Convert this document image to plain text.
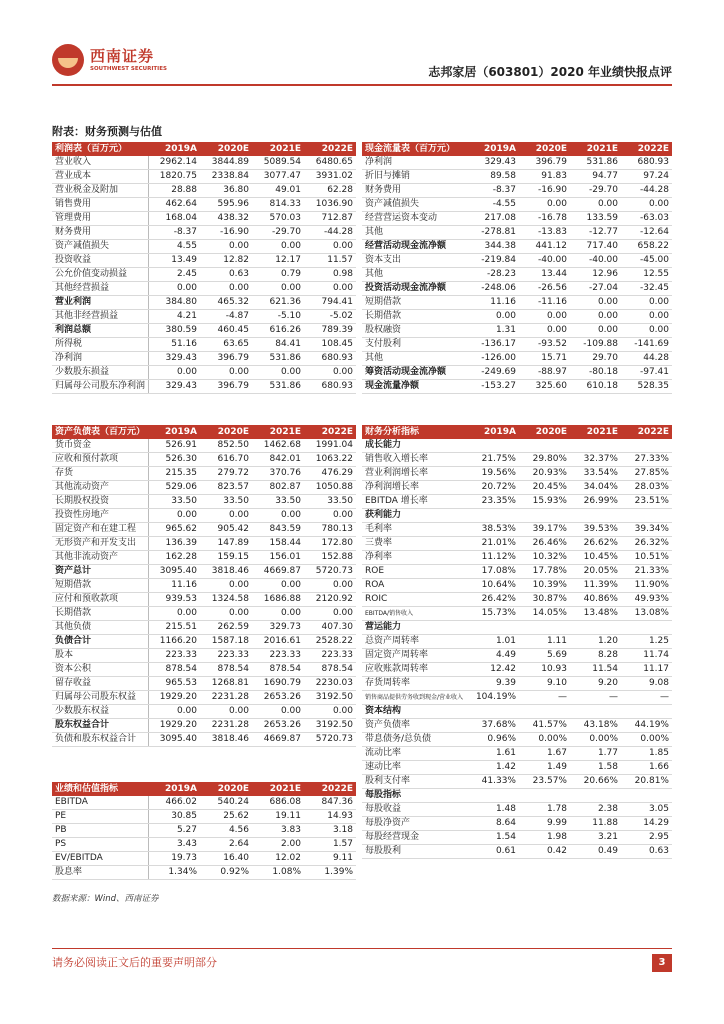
西南证券
SOUTHWEST SECURITIES	志邦家居（603801）2020 年业绩快报点评
附表：财务预测与估值
利润表（百万元）	2019A	2020E	2021E	2022E
营业收入	2962.14	3844.89	5089.54	6480.65
营业成本	1820.75	2338.84	3077.47	3931.02
营业税金及附加	28.88	36.80	49.01	62.28
销售费用	462.64	595.96	814.33	1036.90
管理费用	168.04	438.32	570.03	712.87
财务费用	-8.37	-16.90	-29.70	-44.28
资产减值损失	4.55	0.00	0.00	0.00
投资收益	13.49	12.82	12.17	11.57
公允价值变动损益	2.45	0.63	0.79	0.98
其他经营损益	0.00	0.00	0.00	0.00
营业利润	384.80	465.32	621.36	794.41
其他非经营损益	4.21	-4.87	-5.10	-5.02
利润总额	380.59	460.45	616.26	789.39
所得税	51.16	63.65	84.41	108.45
净利润	329.43	396.79	531.86	680.93
少数股东损益	0.00	0.00	0.00	0.00
归属母公司股东净利润	329.43	396.79	531.86	680.93
现金流量表（百万元）	2019A	2020E	2021E	2022E
净利润	329.43	396.79	531.86	680.93
折旧与摊销	89.58	91.83	94.77	97.24
财务费用	-8.37	-16.90	-29.70	-44.28
资产减值损失	-4.55	0.00	0.00	0.00
经营营运资本变动	217.08	-16.78	133.59	-63.03
其他	-278.81	-13.83	-12.77	-12.64
经营活动现金流净额	344.38	441.12	717.40	658.22
资本支出	-219.84	-40.00	-40.00	-45.00
其他	-28.23	13.44	12.96	12.55
投资活动现金流净额	-248.06	-26.56	-27.04	-32.45
短期借款	11.16	-11.16	0.00	0.00
长期借款	0.00	0.00	0.00	0.00
股权融资	1.31	0.00	0.00	0.00
支付股利	-136.17	-93.52	-109.88	-141.69
其他	-126.00	15.71	29.70	44.28
筹资活动现金流净额	-249.69	-88.97	-80.18	-97.41
现金流量净额	-153.27	325.60	610.18	528.35
资产负债表（百万元）	2019A	2020E	2021E	2022E
货币资金	526.91	852.50	1462.68	1991.04
应收和预付款项	526.30	616.70	842.01	1063.22
存货	215.35	279.72	370.76	476.29
其他流动资产	529.06	823.57	802.87	1050.88
长期股权投资	33.50	33.50	33.50	33.50
投资性房地产	0.00	0.00	0.00	0.00
固定资产和在建工程	965.62	905.42	843.59	780.13
无形资产和开发支出	136.39	147.89	158.44	172.80
其他非流动资产	162.28	159.15	156.01	152.88
资产总计	3095.40	3818.46	4669.87	5720.73
短期借款	11.16	0.00	0.00	0.00
应付和预收款项	939.53	1324.58	1686.88	2120.92
长期借款	0.00	0.00	0.00	0.00
其他负债	215.51	262.59	329.73	407.30
负债合计	1166.20	1587.18	2016.61	2528.22
股本	223.33	223.33	223.33	223.33
资本公积	878.54	878.54	878.54	878.54
留存收益	965.53	1268.81	1690.79	2230.03
归属母公司股东权益	1929.20	2231.28	2653.26	3192.50
少数股东权益	0.00	0.00	0.00	0.00
股东权益合计	1929.20	2231.28	2653.26	3192.50
负债和股东权益合计	3095.40	3818.46	4669.87	5720.73
财务分析指标	2019A	2020E	2021E	2022E
成长能力				
销售收入增长率	21.75%	29.80%	32.37%	27.33%
营业利润增长率	19.56%	20.93%	33.54%	27.85%
净利润增长率	20.72%	20.45%	34.04%	28.03%
EBITDA 增长率	23.35%	15.93%	26.99%	23.51%
获利能力				
毛利率	38.53%	39.17%	39.53%	39.34%
三费率	21.01%	26.46%	26.62%	26.32%
净利率	11.12%	10.32%	10.45%	10.51%
ROE	17.08%	17.78%	20.05%	21.33%
ROA	10.64%	10.39%	11.39%	11.90%
ROIC	26.42%	30.87%	40.86%	49.93%
EBITDA/销售收入	15.73%	14.05%	13.48%	13.08%
营运能力				
总资产周转率	1.01	1.11	1.20	1.25
固定资产周转率	4.49	5.69	8.28	11.74
应收账款周转率	12.42	10.93	11.54	11.17
存货周转率	9.39	9.10	9.20	9.08
销售商品提供劳务收到现金/营业收入	104.19%	—	—	—
资本结构				
资产负债率	37.68%	41.57%	43.18%	44.19%
带息债务/总负债	0.96%	0.00%	0.00%	0.00%
流动比率	1.61	1.67	1.77	1.85
速动比率	1.42	1.49	1.58	1.66
股利支付率	41.33%	23.57%	20.66%	20.81%
每股指标				
每股收益	1.48	1.78	2.38	3.05
每股净资产	8.64	9.99	11.88	14.29
每股经营现金	1.54	1.98	3.21	2.95
每股股利	0.61	0.42	0.49	0.63
业绩和估值指标	2019A	2020E	2021E	2022E
EBITDA	466.02	540.24	686.08	847.36
PE	30.85	25.62	19.11	14.93
PB	5.27	4.56	3.83	3.18
PS	3.43	2.64	2.00	1.57
EV/EBITDA	19.73	16.40	12.02	9.11
股息率	1.34%	0.92%	1.08%	1.39%
数据来源：Wind、西南证券
请务必阅读正文后的重要声明部分	3
